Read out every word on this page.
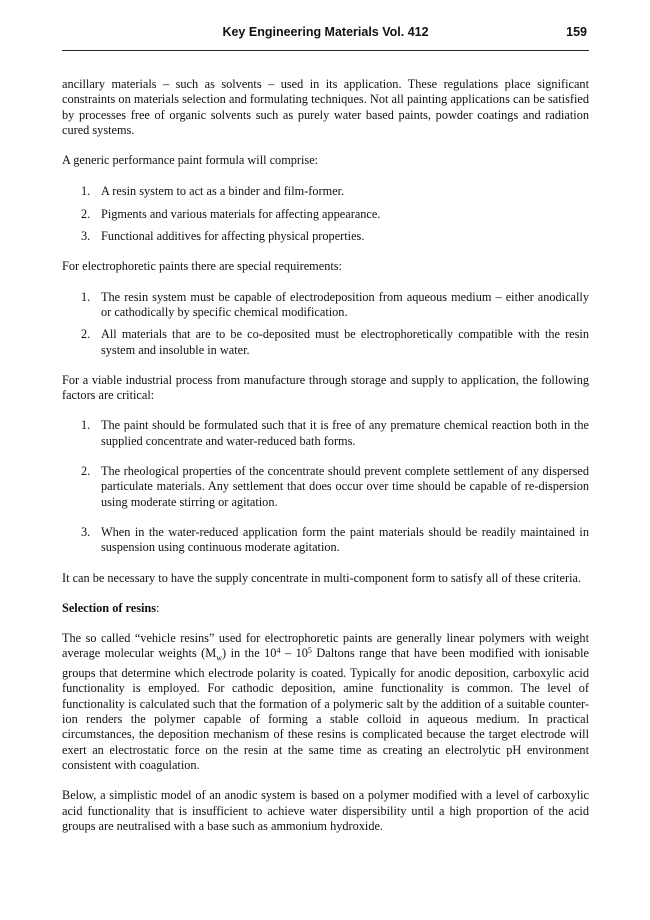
Key Engineering Materials Vol. 412	159

ancillary materials – such as solvents – used in its application. These regulations place significant constraints on materials selection and formulating techniques. Not all painting applications can be satisfied by processes free of organic solvents such as purely water based paints, powder coatings and radiation cured systems.

A generic performance paint formula will comprise:

1. A resin system to act as a binder and film-former.
2. Pigments and various materials for affecting appearance.
3. Functional additives for affecting physical properties.

For electrophoretic paints there are special requirements:

1. The resin system must be capable of electrodeposition from aqueous medium – either anodically or cathodically by specific chemical modification.
2. All materials that are to be co-deposited must be electrophoretically compatible with the resin system and insoluble in water.

For a viable industrial process from manufacture through storage and supply to application, the following factors are critical:

1. The paint should be formulated such that it is free of any premature chemical reaction both in the supplied concentrate and water-reduced bath forms.
2. The rheological properties of the concentrate should prevent complete settlement of any dispersed particulate materials. Any settlement that does occur over time should be capable of re-dispersion using moderate stirring or agitation.
3. When in the water-reduced application form the paint materials should be readily maintained in suspension using continuous moderate agitation.

It can be necessary to have the supply concentrate in multi-component form to satisfy all of these criteria.

Selection of resins:

The so called “vehicle resins” used for electrophoretic paints are generally linear polymers with weight average molecular weights $(M_w)$ in the $10^4 - 10^5$ Daltons range that have been modified with ionisable groups that determine which electrode polarity is coated. Typically for anodic deposition, carboxylic acid functionality is employed. For cathodic deposition, amine functionality is common. The level of functionality is calculated such that the formation of a polymeric salt by the addition of a suitable counter-ion renders the polymer capable of forming a stable colloid in aqueous medium. In practical circumstances, the deposition mechanism of these resins is complicated because the target electrode will exert an electrostatic force on the resin at the same time as creating an electrolytic pH environment consistent with coagulation.

Below, a simplistic model of an anodic system is based on a polymer modified with a level of carboxylic acid functionality that is insufficient to achieve water dispersibility until a high proportion of the acid groups are neutralised with a base such as ammonium hydroxide.
